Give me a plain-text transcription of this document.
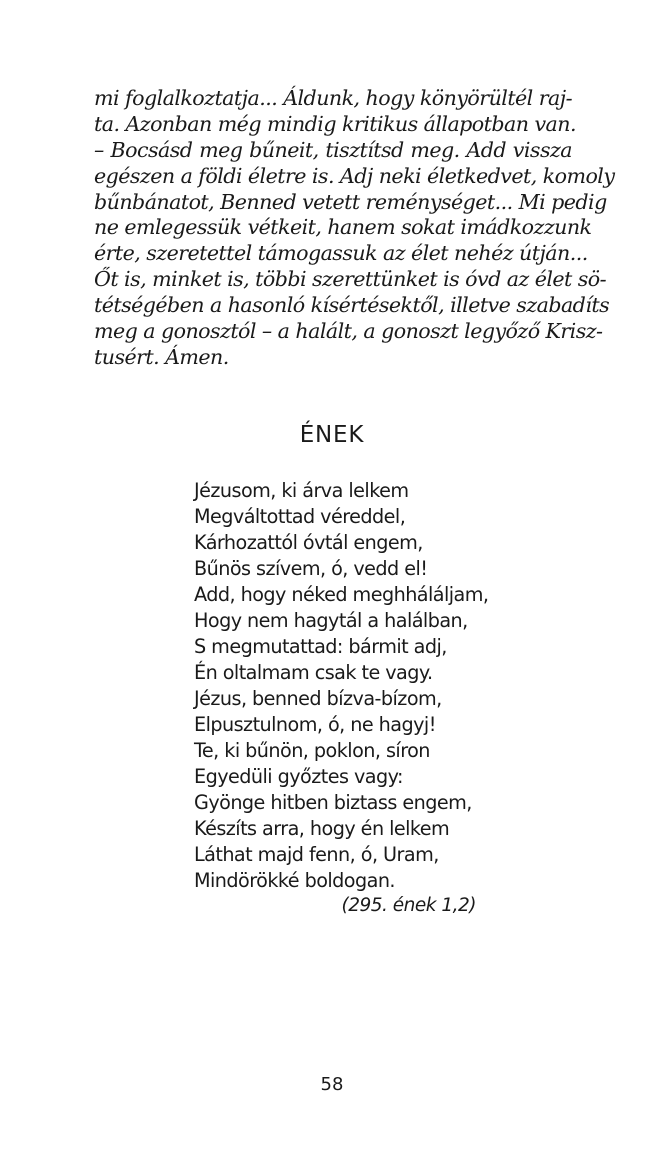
mi foglalkoztatja... Áldunk, hogy könyörültél raj-
ta. Azonban még mindig kritikus állapotban van.
– Bocsásd meg bűneit, tisztítsd meg. Add vissza
egészen a földi életre is. Adj neki életkedvet, komoly
bűnbánatot, Benned vetett reménységet... Mi pedig
ne emlegessük vétkeit, hanem sokat imádkozzunk
érte, szeretettel támogassuk az élet nehéz útján...
Őt is, minket is, többi szerettünket is óvd az élet sö-
tétségében a hasonló kísértésektől, illetve szabadíts
meg a gonosztól – a halált, a gonoszt legyőző Krisz-
tusért. Ámen.
ÉNEK
Jézusom, ki árva lelkem
Megváltottad véreddel,
Kárhozattól óvtál engem,
Bűnös szívem, ó, vedd el!
Add, hogy néked meghháláljam,
Hogy nem hagytál a halálban,
S megmutattad: bármit adj,
Én oltalmam csak te vagy.
Jézus, benned bízva-bízom,
Elpusztulnom, ó, ne hagyj!
Te, ki bűnön, poklon, síron
Egyedüli győztes vagy:
Gyönge hitben biztass engem,
Készíts arra, hogy én lelkem
Láthat majd fenn, ó, Uram,
Mindörökké boldogan.

(295. ének 1,2)

58
